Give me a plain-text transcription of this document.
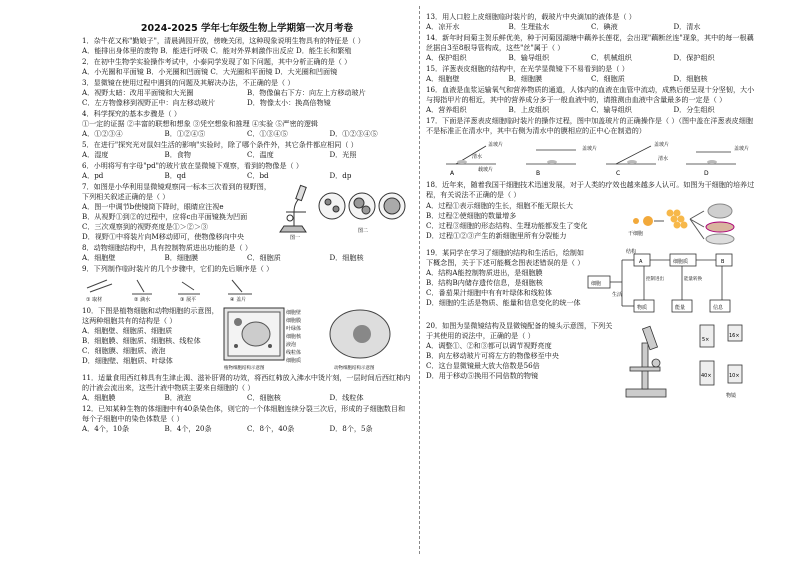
2024-2025 学年七年级生物上学期第一次月考卷

1．杂牛花又称"勤娘子"，清晨满园开放，傍晚关闭，这种现象说明生物具有的特征是（ ）

A．能排出身体里的废物 B．能进行呼吸 C．能对外界刺激作出反应 D．能生长和繁殖

2．在初中生物学实验操作考试中，小泰同学发现了如下问题，其中分析正确的是（ ）

A．小光圈和平面镜 B．小光圈和凹面镜 C．大光圈和平面镜 D．大光圈和凹面镜

3．显微镜在使用过程中遇到的问题及其解决办法，不正确的是（ ）

A．视野太暗：改用平面镜和大光圈	B．物像偏右下方：向左上方移动玻片
C．左方物像移到视野正中：向左移动玻片	D．物像太小：换高倍物镜

4．科学探究的基本步骤是（ ）

①一定的证据 ②丰富的联想和想象 ③凭空想象和推理 ④实验 ⑤严密的逻辑

A．①②③④	B．①②④⑤	C．①③④⑤	D．①②③④⑤

5．在进行"探究光对鼠妇生活的影响"实验时，除了哪个条件外，其它条件都应相同（ ）

A．湿度	B．食物	C．温度	D．光照

6．小明将写有字母"pd"的玻片放在显微镜下观察，看到的物像是（ ）

A．pd	B．qd	C．bd	D．dp

7．如图是小华利用显微镜观察同一标本三次看到的视野图，下列相关叙述正确的是（ ）

A．图一中调节b使镜筒下降时，眼睛应注视e

B．从视野①到②的过程中，应将c由平面镜换为凹面

C．三次观察到的视野亮度是①＞②＞③

D．视野①中将装片向M移动即可，使物像移向中央	图一
图二

8．动物细胞结构中，具有控制物质进出功能的是（ ）

A．细胞壁	B．细胞膜	C．细胞质	D．细胞核

9．下列制作临时装片的几个步骤中，它们的先后顺序是（ ）

① 取材	② 滴水	③ 展平	④ 盖片

10．下图是植物细胞和动物细胞的示意图，这两种细胞共有的结构是（ ）

A．细胞壁、细胞质、细胞质

B．细胞膜、细胞质、细胞核、线粒体

C．细胞膜、细胞质、液泡

D．细胞壁、细胞质、叶绿体

细胞壁
细胞膜
叶绿体
细胞核
液泡
线粒体
细胞质
植物细胞结构示意图	动物细胞结构示意图

11．适量食用西红柿具有生津止渴、滋补肝肾的功效，将西红柿放入沸水中烫片刻，一层时间后西红柿内的汁液会流出来，这些汁液中物质主要来自细胞的（ ）

A．细胞膜	B．液泡	C．细胞核	D．线粒体

12．已知某种生物的体细胞中有40条染色体，则它的一个体细胞连续分裂三次后，形成的子细胞数目和每个子细胞中的染色体数是（ ）

A．4个，10条	B．4个，20条	C．8个，40条	D．8个，5条

13．用人口腔上皮细胞临时装片的，载玻片中央滴加的液体是（ ）

A．凉开水	B．生理盐水	C．碘液	D．清水

14．新年时间菊主贺乐鲜优美，种于河菊园湖塘中藕养长莲花，会出现"藕断丝连"现象，其中的每一根藕丝据自3至8根导管构成，这些"丝"属于（ ）

A．保护组织	B．输导组织	C．机械组织	D．保护组织

15．洋葱表皮细胞的结构中，在光学显微镜下不易看到的是（ ）

A．细胞壁	B．细胞膜	C．细胞质	D．细胞核

16．血液是血浆运输氧气和营养物质的通道，人体内的血液在血管中流动，成熟后便呈现十分坚韧，大小与拇指甲片的相近，其中的营养成分多于一般血液中的，请推测由血液中含量最多的一定是（ ）

A．营养组织	B．上皮组织	C．输导组织	D．分生组织

17．下面是洋葱表皮细胞临时装片的操作过程，图中加盖玻片的正确操作是（ ）（图中盖在洋葱表皮细胞不是标准正在清水中，其中右侧为清水中的膜相应的正中心在制造的）

盖玻片
清水
载玻片
盖玻片
盖玻片
清水
盖玻片
A	B	C	D

18．近年来，随着我国干细胞技术迅速发展，对于人类的疗效也越来越多人认可。如图为干细胞的培养过程，有关说法不正确的是（ ）

A．过程①表示细胞的生长，细胞不能无限长大

B．过程②使细胞的数量增多

C．过程③细胞的形态结构、生理功能都发生了变化

D．过程①②③产生的新细胞里所有分裂能力	干细胞

19．某同学在学习了细胞的结构和生活后，绘制如下概念图，关于下述可能概念图表述错误的是（ ）

A．结构A能控制物质进出，是细胞膜

B．结构B内储存遗传信息，是细胞核

C．番茄果汁细胞中有有叶绿体和线粒体

D．细胞的生活是物质、能量和信息变化的统一体

细胞
结构
A	细胞质	B
生活
物质	能量	信息
控制进出	能量转换

20．如图为显微镜结构及显微镜配备的镜头示意图，下列关于其使用的说法中，正确的是（ ）

A．调整①、②和③都可以调节视野亮度

B．向左移动玻片可将左方的物像移至中央

C．这台显微镜最大放大倍数是56倍

D．用于移动⑤换用不同倍数的物镜

5×
16×
40×	10×
物镜
